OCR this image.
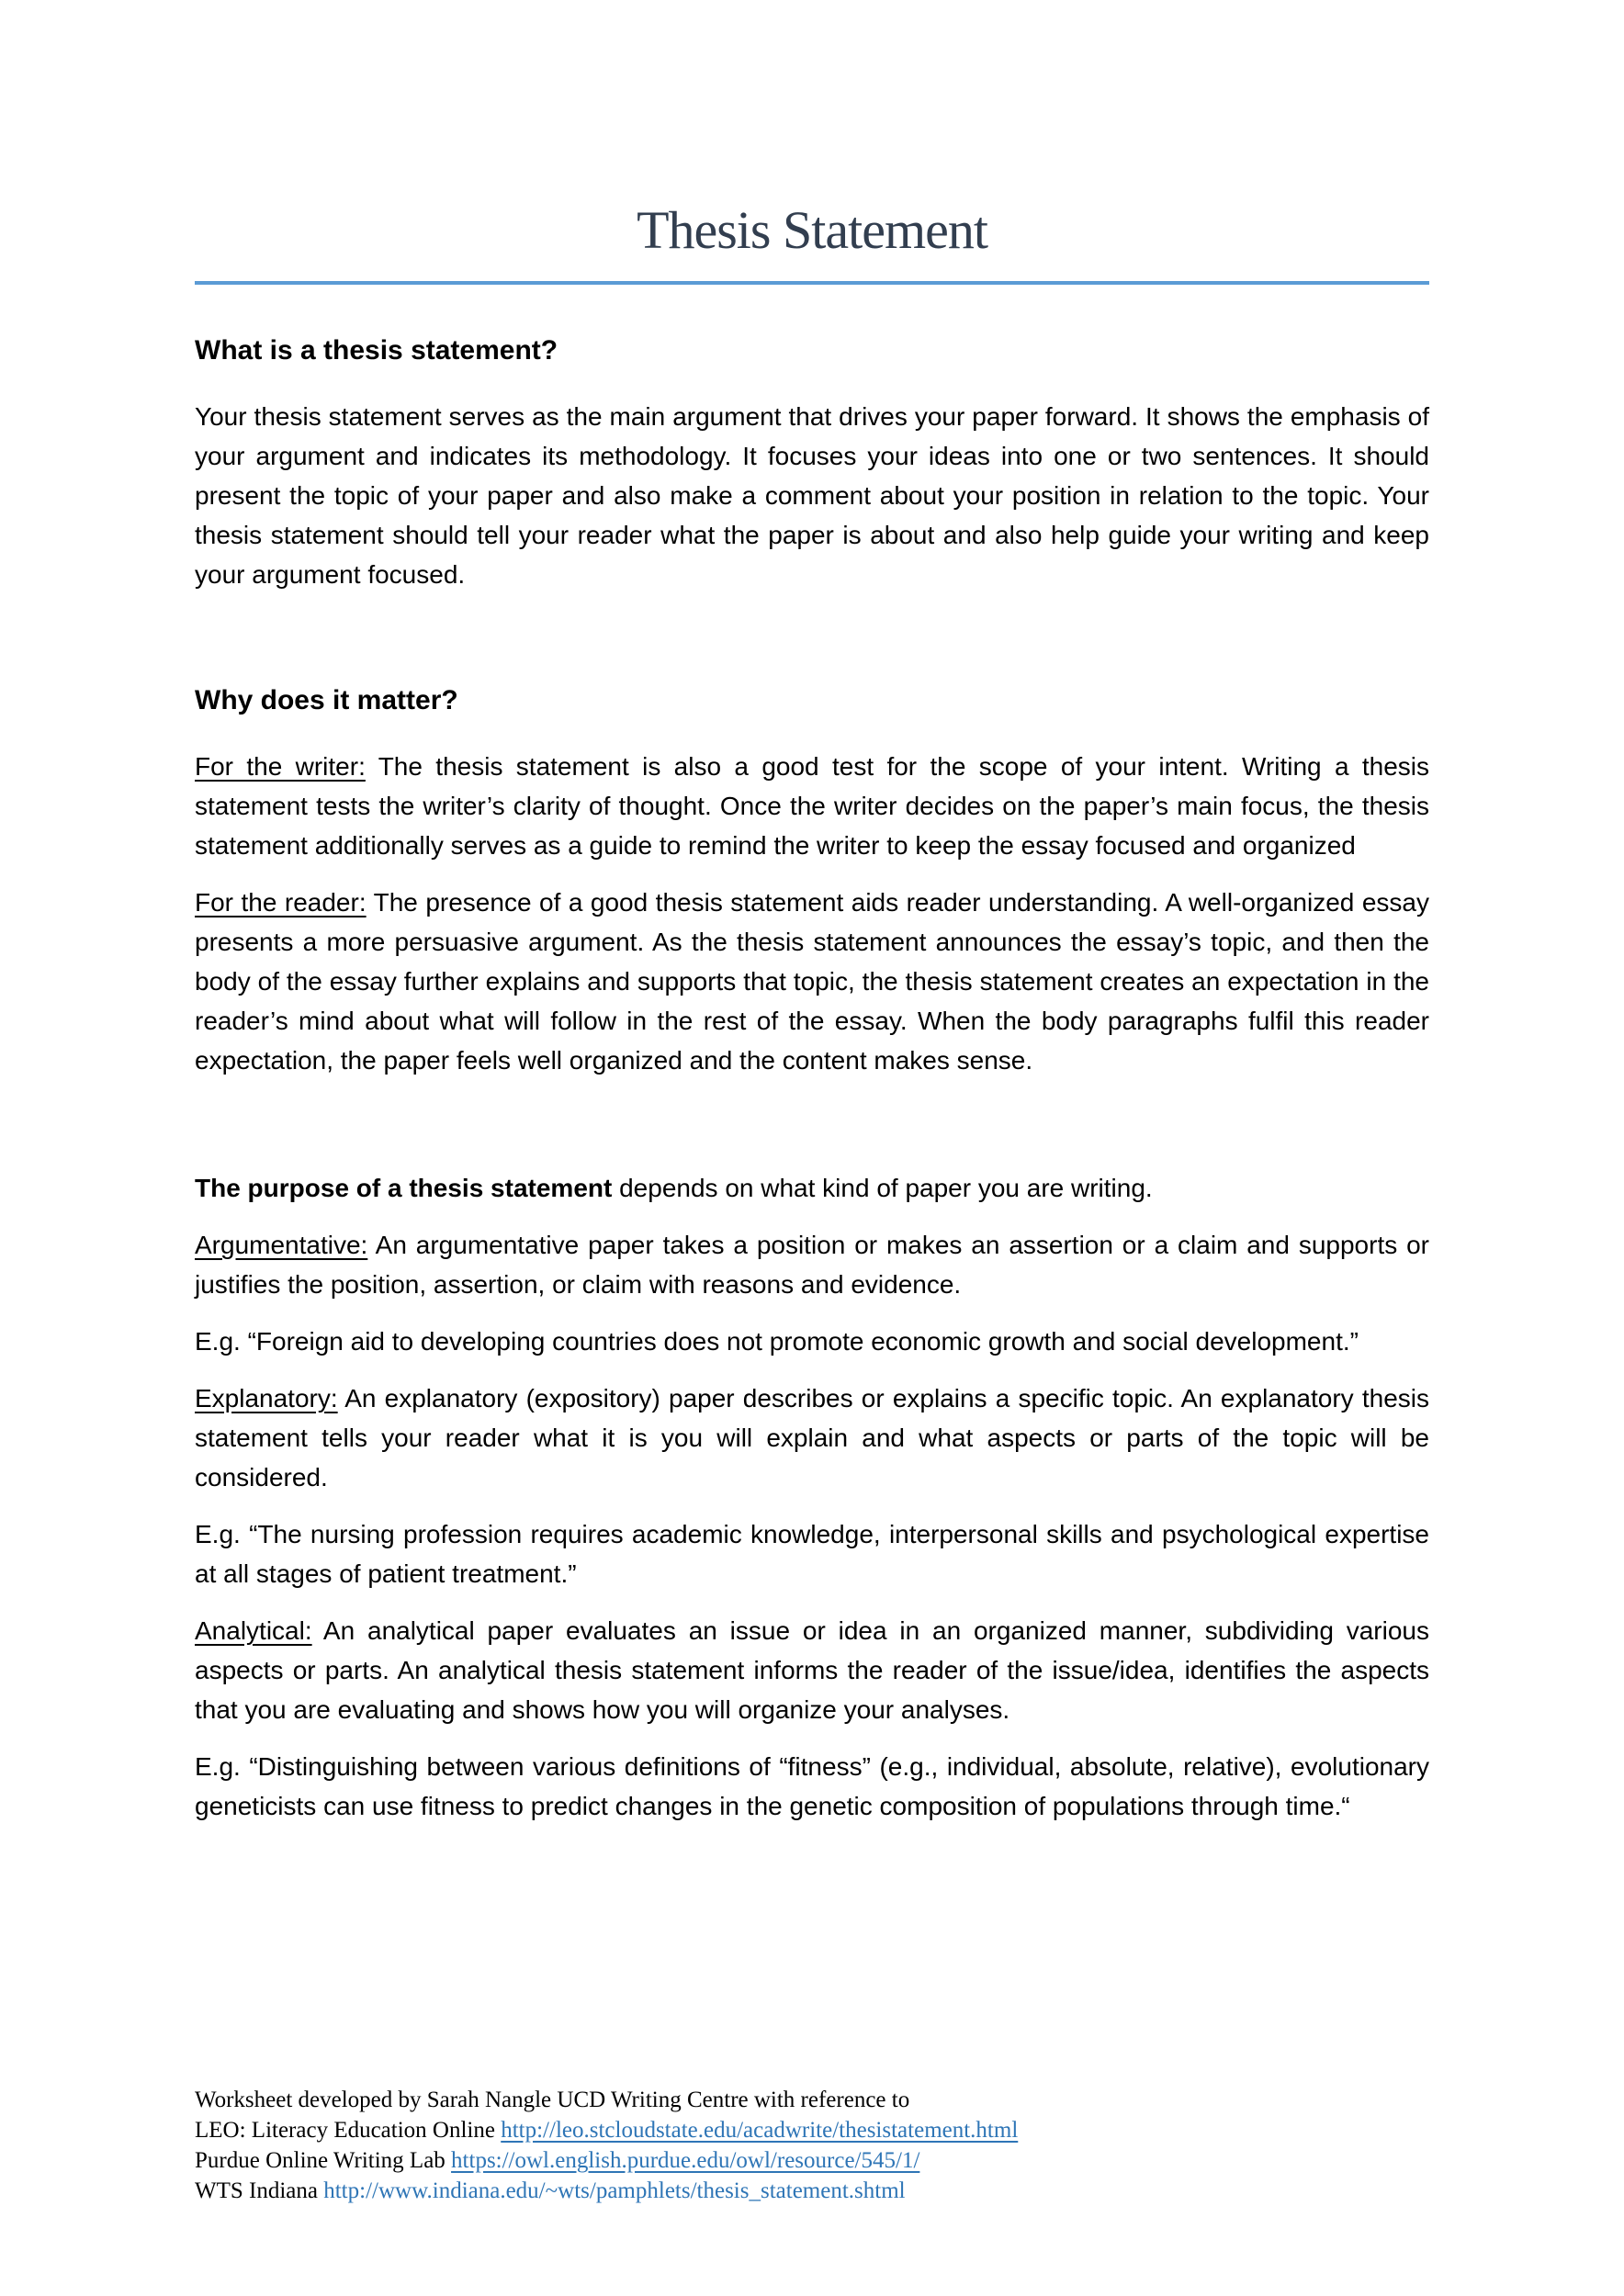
Thesis Statement
What is a thesis statement?

Your thesis statement serves as the main argument that drives your paper forward. It shows the emphasis of your argument and indicates its methodology. It focuses your ideas into one or two sentences. It should present the topic of your paper and also make a comment about your position in relation to the topic. Your thesis statement should tell your reader what the paper is about and also help guide your writing and keep your argument focused.

Why does it matter?

For the writer: The thesis statement is also a good test for the scope of your intent. Writing a thesis statement tests the writer’s clarity of thought. Once the writer decides on the paper’s main focus, the thesis statement additionally serves as a guide to remind the writer to keep the essay focused and organized

For the reader: The presence of a good thesis statement aids reader understanding. A well-organized essay presents a more persuasive argument. As the thesis statement announces the essay’s topic, and then the body of the essay further explains and supports that topic, the thesis statement creates an expectation in the reader’s mind about what will follow in the rest of the essay. When the body paragraphs fulfil this reader expectation, the paper feels well organized and the content makes sense.

The purpose of a thesis statement depends on what kind of paper you are writing.

Argumentative: An argumentative paper takes a position or makes an assertion or a claim and supports or justifies the position, assertion, or claim with reasons and evidence.

E.g. “Foreign aid to developing countries does not promote economic growth and social development.”

Explanatory: An explanatory (expository) paper describes or explains a specific topic. An explanatory thesis statement tells your reader what it is you will explain and what aspects or parts of the topic will be considered.

E.g. “The nursing profession requires academic knowledge, interpersonal skills and psychological expertise at all stages of patient treatment.”

Analytical: An analytical paper evaluates an issue or idea in an organized manner, subdividing various aspects or parts. An analytical thesis statement informs the reader of the issue/idea, identifies the aspects that you are evaluating and shows how you will organize your analyses.

E.g. “Distinguishing between various definitions of “fitness” (e.g., individual, absolute, relative), evolutionary geneticists can use fitness to predict changes in the genetic composition of populations through time.“

Worksheet developed by Sarah Nangle UCD Writing Centre with reference to
LEO: Literacy Education Online http://leo.stcloudstate.edu/acadwrite/thesistatement.html
Purdue Online Writing Lab https://owl.english.purdue.edu/owl/resource/545/1/
WTS Indiana http://www.indiana.edu/~wts/pamphlets/thesis_statement.shtml
